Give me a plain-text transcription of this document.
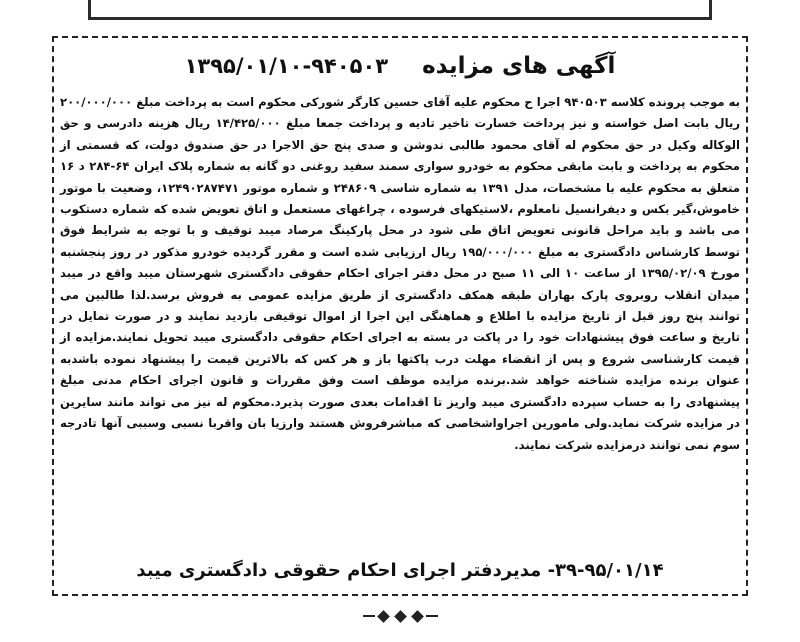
آگهی های مزایده
۱۳۹۵/۰۱/۱۰-۹۴۰۵۰۳

به موجب پرونده کلاسه ۹۴۰۵۰۳ اجرا ح محکوم علیه آقای حسین کارگر شورکی محکوم است به پرداخت مبلغ ۲۰۰/۰۰۰/۰۰۰ ریال بابت اصل خواسته و نیز پرداخت خسارت تاخیر تادیه و پرداخت جمعا مبلغ ۱۴/۴۲۵/۰۰۰ ریال هزینه دادرسی و حق الوکاله وکیل در حق محکوم له آقای محمود طالبی ندوشن و صدی پنج حق الاجرا در حق صندوق دولت، که قسمتی از محکوم به پرداخت و بابت مابقی محکوم به خودرو سواری سمند سفید روغنی دو گانه به شماره پلاک ایران ۶۴-۲۸۴ د ۱۶ متعلق به محکوم علیه با مشخصات، مدل ۱۳۹۱ به شماره شاسی ۲۴۸۶۰۹ و شماره موتور ۱۲۴۹۰۲۸۷۴۷۱، وضعیت با موتور خاموش،گیر بکس و دیفرانسیل نامعلوم ،لاستیکهای فرسوده ، چراغهای مستعمل و اتاق تعویض شده که شماره دستکوب می باشد و باید مراحل قانونی تعویض اتاق طی شود در محل پارکینگ مرصاد میبد توقیف و با توجه به شرایط فوق توسط کارشناس دادگستری به مبلغ ۱۹۵/۰۰۰/۰۰۰ ریال ارزیابی شده است و مقرر گردیده خودرو مذکور در روز پنجشنبه مورخ ۱۳۹۵/۰۲/۰۹ از ساعت ۱۰ الی ۱۱ صبح در محل دفتر اجرای احکام حقوقی دادگستری شهرستان میبد واقع در میبد میدان انقلاب روبروی پارک بهاران طبقه همکف دادگستری از طریق مزایده عمومی به فروش برسد.لذا طالبین می توانند پنج روز قبل از تاریخ مزایده با اطلاع و هماهنگی این اجرا از اموال توقیفی بازدید نمایند و در صورت تمایل در تاریخ و ساعت فوق پیشنهادات خود را در پاکت در بسته به اجرای احکام حقوقی دادگستری میبد تحویل نمایند.مزایده از قیمت کارشناسی شروع و پس از انقضاء مهلت درب پاکتها باز و هر کس که بالاترین قیمت را پیشنهاد نموده باشدبه عنوان برنده مزایده شناخته خواهد شد.برنده مزایده موظف است وفق مقررات و قانون اجرای احکام مدنی مبلغ پیشنهادی را به حساب سپرده دادگستری میبد واریز تا اقدامات بعدی صورت پذیرد.محکوم له نیز می تواند مانند سایرین در مزایده شرکت نماید.ولی مامورین اجراواشخاصی که مباشرفروش هستند وارزیا بان واقربا نسبی وسببی آنها تادرجه سوم نمی توانند درمزایده شرکت نمایند.

۳۹-۹۵/۰۱/۱۴- مدیردفتر اجرای احکام حقوقی دادگستری میبد
